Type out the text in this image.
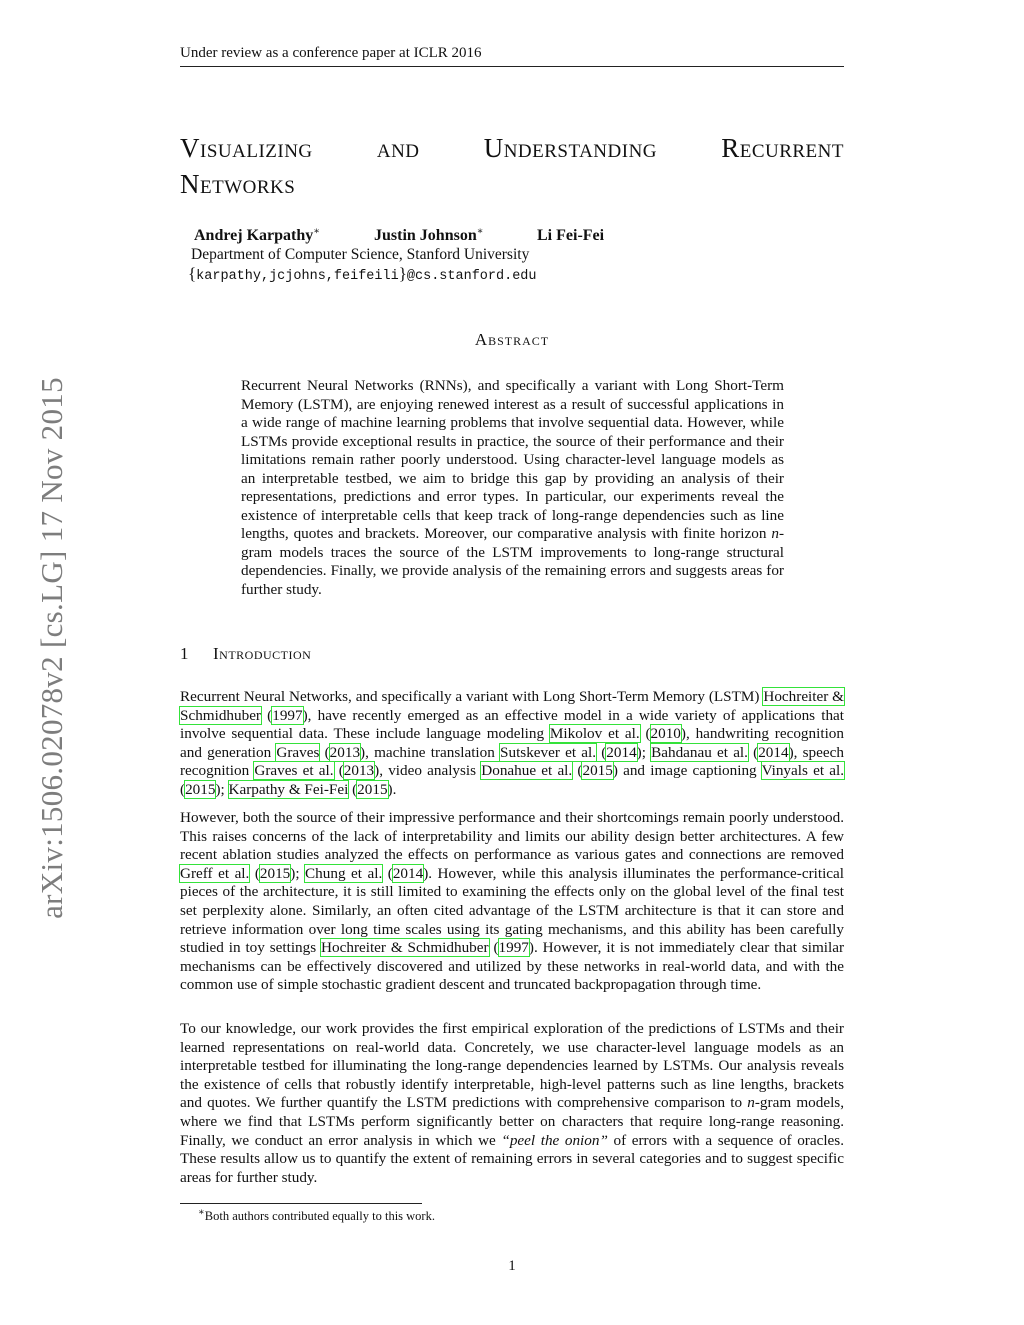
Under review as a conference paper at ICLR 2016
Visualizing and Understanding Recurrent
Networks
Andrej Karpathy∗	Justin Johnson∗	Li Fei-Fei
Department of Computer Science, Stanford University
{karpathy,jcjohns,feifeili}@cs.stanford.edu
arXiv:1506.02078v2 [cs.LG] 17 Nov 2015
Abstract
Recurrent Neural Networks (RNNs), and specifically a variant with Long Short-Term Memory (LSTM), are enjoying renewed interest as a result of successful applications in a wide range of machine learning problems that involve sequential data. However, while LSTMs provide exceptional results in practice, the source of their performance and their limitations remain rather poorly understood. Using character-level language models as an interpretable testbed, we aim to bridge this gap by providing an analysis of their representations, predictions and error types. In particular, our experiments reveal the existence of interpretable cells that keep track of long-range dependencies such as line lengths, quotes and brackets. Moreover, our comparative analysis with finite horizon n-gram models traces the source of the LSTM improvements to long-range structural dependencies. Finally, we provide analysis of the remaining errors and suggests areas for further study.
1 Introduction
Recurrent Neural Networks, and specifically a variant with Long Short-Term Memory (LSTM) Hochreiter & Schmidhuber (1997), have recently emerged as an effective model in a wide variety of applications that involve sequential data. These include language modeling Mikolov et al. (2010), handwriting recognition and generation Graves (2013), machine translation Sutskever et al. (2014); Bahdanau et al. (2014), speech recognition Graves et al. (2013), video analysis Donahue et al. (2015) and image captioning Vinyals et al. (2015); Karpathy & Fei-Fei (2015).
However, both the source of their impressive performance and their shortcomings remain poorly understood. This raises concerns of the lack of interpretability and limits our ability design better architectures. A few recent ablation studies analyzed the effects on performance as various gates and connections are removed Greff et al. (2015); Chung et al. (2014). However, while this analysis illuminates the performance-critical pieces of the architecture, it is still limited to examining the effects only on the global level of the final test set perplexity alone. Similarly, an often cited advantage of the LSTM architecture is that it can store and retrieve information over long time scales using its gating mechanisms, and this ability has been carefully studied in toy settings Hochreiter & Schmidhuber (1997). However, it is not immediately clear that similar mechanisms can be effectively discovered and utilized by these networks in real-world data, and with the common use of simple stochastic gradient descent and truncated backpropagation through time.
To our knowledge, our work provides the first empirical exploration of the predictions of LSTMs and their learned representations on real-world data. Concretely, we use character-level language models as an interpretable testbed for illuminating the long-range dependencies learned by LSTMs. Our analysis reveals the existence of cells that robustly identify interpretable, high-level patterns such as line lengths, brackets and quotes. We further quantify the LSTM predictions with comprehensive comparison to n-gram models, where we find that LSTMs perform significantly better on characters that require long-range reasoning. Finally, we conduct an error analysis in which we “peel the onion” of errors with a sequence of oracles. These results allow us to quantify the extent of remaining errors in several categories and to suggest specific areas for further study.
∗Both authors contributed equally to this work.
1
